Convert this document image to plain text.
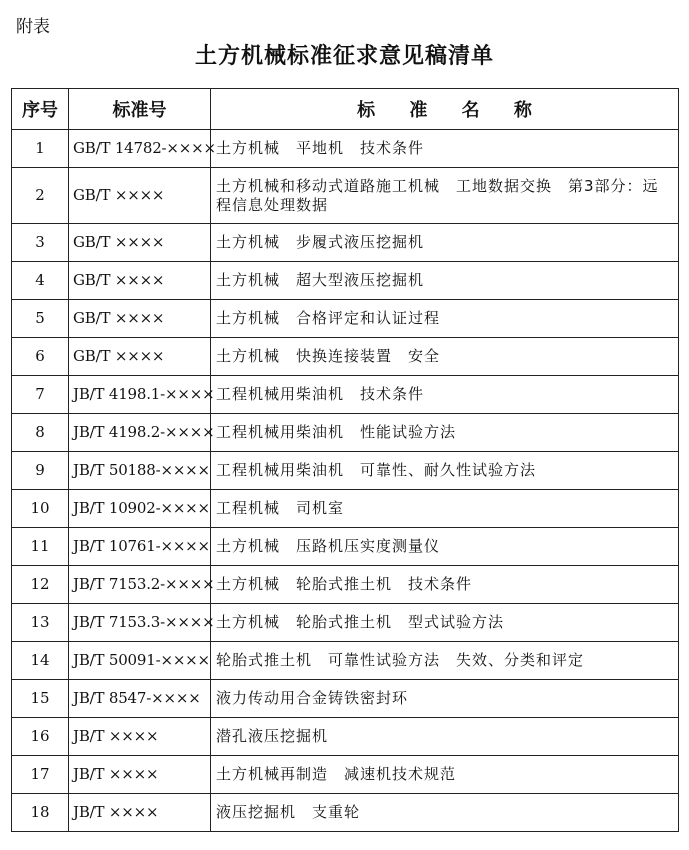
附表
土方机械标准征求意见稿清单
序号	标准号	标 准 名 称
1	GB/T 14782-××××	土方机械　平地机　技术条件
2	GB/T ××××	土方机械和移动式道路施工机械　工地数据交换　第3部分：远程信息处理数据
3	GB/T ××××	土方机械　步履式液压挖掘机
4	GB/T ××××	土方机械　超大型液压挖掘机
5	GB/T ××××	土方机械　合格评定和认证过程
6	GB/T ××××	土方机械　快换连接装置　安全
7	JB/T 4198.1-××××	工程机械用柴油机　技术条件
8	JB/T 4198.2-××××	工程机械用柴油机　性能试验方法
9	JB/T 50188-××××	工程机械用柴油机　可靠性、耐久性试验方法
10	JB/T 10902-××××	工程机械　司机室
11	JB/T 10761-××××	土方机械　压路机压实度测量仪
12	JB/T 7153.2-××××	土方机械　轮胎式推土机　技术条件
13	JB/T 7153.3-××××	土方机械　轮胎式推土机　型式试验方法
14	JB/T 50091-××××	轮胎式推土机　可靠性试验方法　失效、分类和评定
15	JB/T 8547-××××	液力传动用合金铸铁密封环
16	JB/T ××××	潜孔液压挖掘机
17	JB/T ××××	土方机械再制造　减速机技术规范
18	JB/T ××××	液压挖掘机　支重轮
